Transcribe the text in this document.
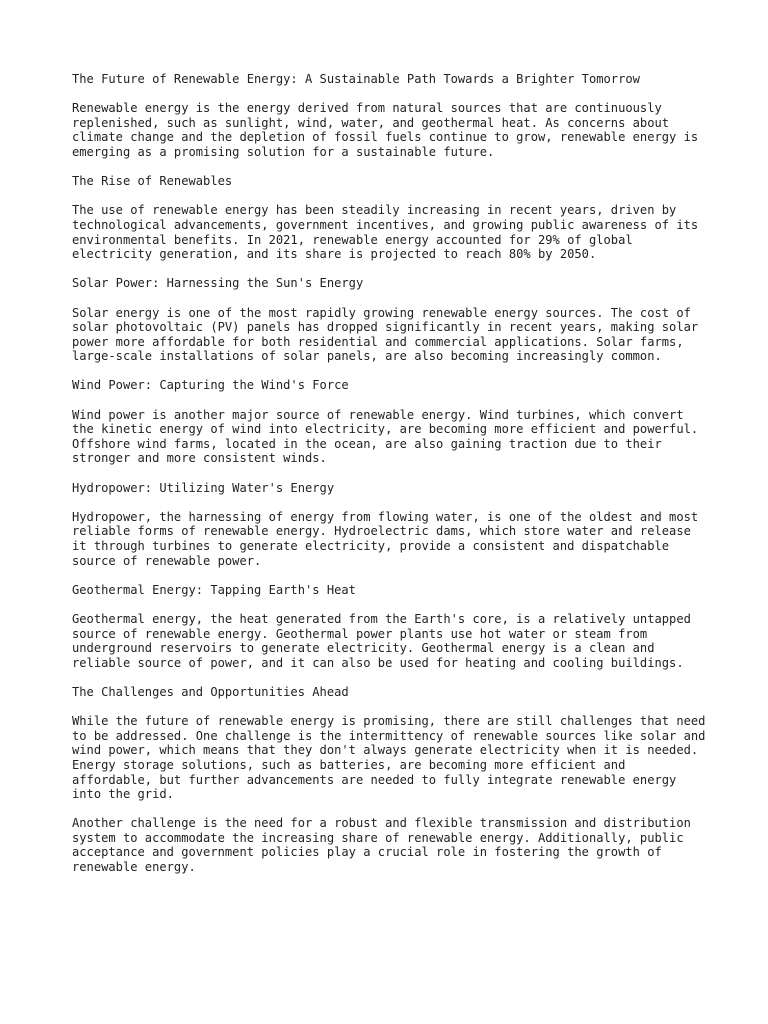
The Future of Renewable Energy: A Sustainable Path Towards a Brighter Tomorrow

Renewable energy is the energy derived from natural sources that are continuously replenished, such as sunlight, wind, water, and geothermal heat. As concerns about climate change and the depletion of fossil fuels continue to grow, renewable energy is emerging as a promising solution for a sustainable future.

The Rise of Renewables

The use of renewable energy has been steadily increasing in recent years, driven by technological advancements, government incentives, and growing public awareness of its environmental benefits. In 2021, renewable energy accounted for 29% of global electricity generation, and its share is projected to reach 80% by 2050.

Solar Power: Harnessing the Sun's Energy

Solar energy is one of the most rapidly growing renewable energy sources. The cost of solar photovoltaic (PV) panels has dropped significantly in recent years, making solar power more affordable for both residential and commercial applications. Solar farms, large-scale installations of solar panels, are also becoming increasingly common.

Wind Power: Capturing the Wind's Force

Wind power is another major source of renewable energy. Wind turbines, which convert the kinetic energy of wind into electricity, are becoming more efficient and powerful. Offshore wind farms, located in the ocean, are also gaining traction due to their stronger and more consistent winds.

Hydropower: Utilizing Water's Energy

Hydropower, the harnessing of energy from flowing water, is one of the oldest and most reliable forms of renewable energy. Hydroelectric dams, which store water and release it through turbines to generate electricity, provide a consistent and dispatchable source of renewable power.

Geothermal Energy: Tapping Earth's Heat

Geothermal energy, the heat generated from the Earth's core, is a relatively untapped source of renewable energy. Geothermal power plants use hot water or steam from underground reservoirs to generate electricity. Geothermal energy is a clean and reliable source of power, and it can also be used for heating and cooling buildings.

The Challenges and Opportunities Ahead

While the future of renewable energy is promising, there are still challenges that need to be addressed. One challenge is the intermittency of renewable sources like solar and wind power, which means that they don't always generate electricity when it is needed. Energy storage solutions, such as batteries, are becoming more efficient and affordable, but further advancements are needed to fully integrate renewable energy into the grid.

Another challenge is the need for a robust and flexible transmission and distribution system to accommodate the increasing share of renewable energy. Additionally, public acceptance and government policies play a crucial role in fostering the growth of renewable energy.
